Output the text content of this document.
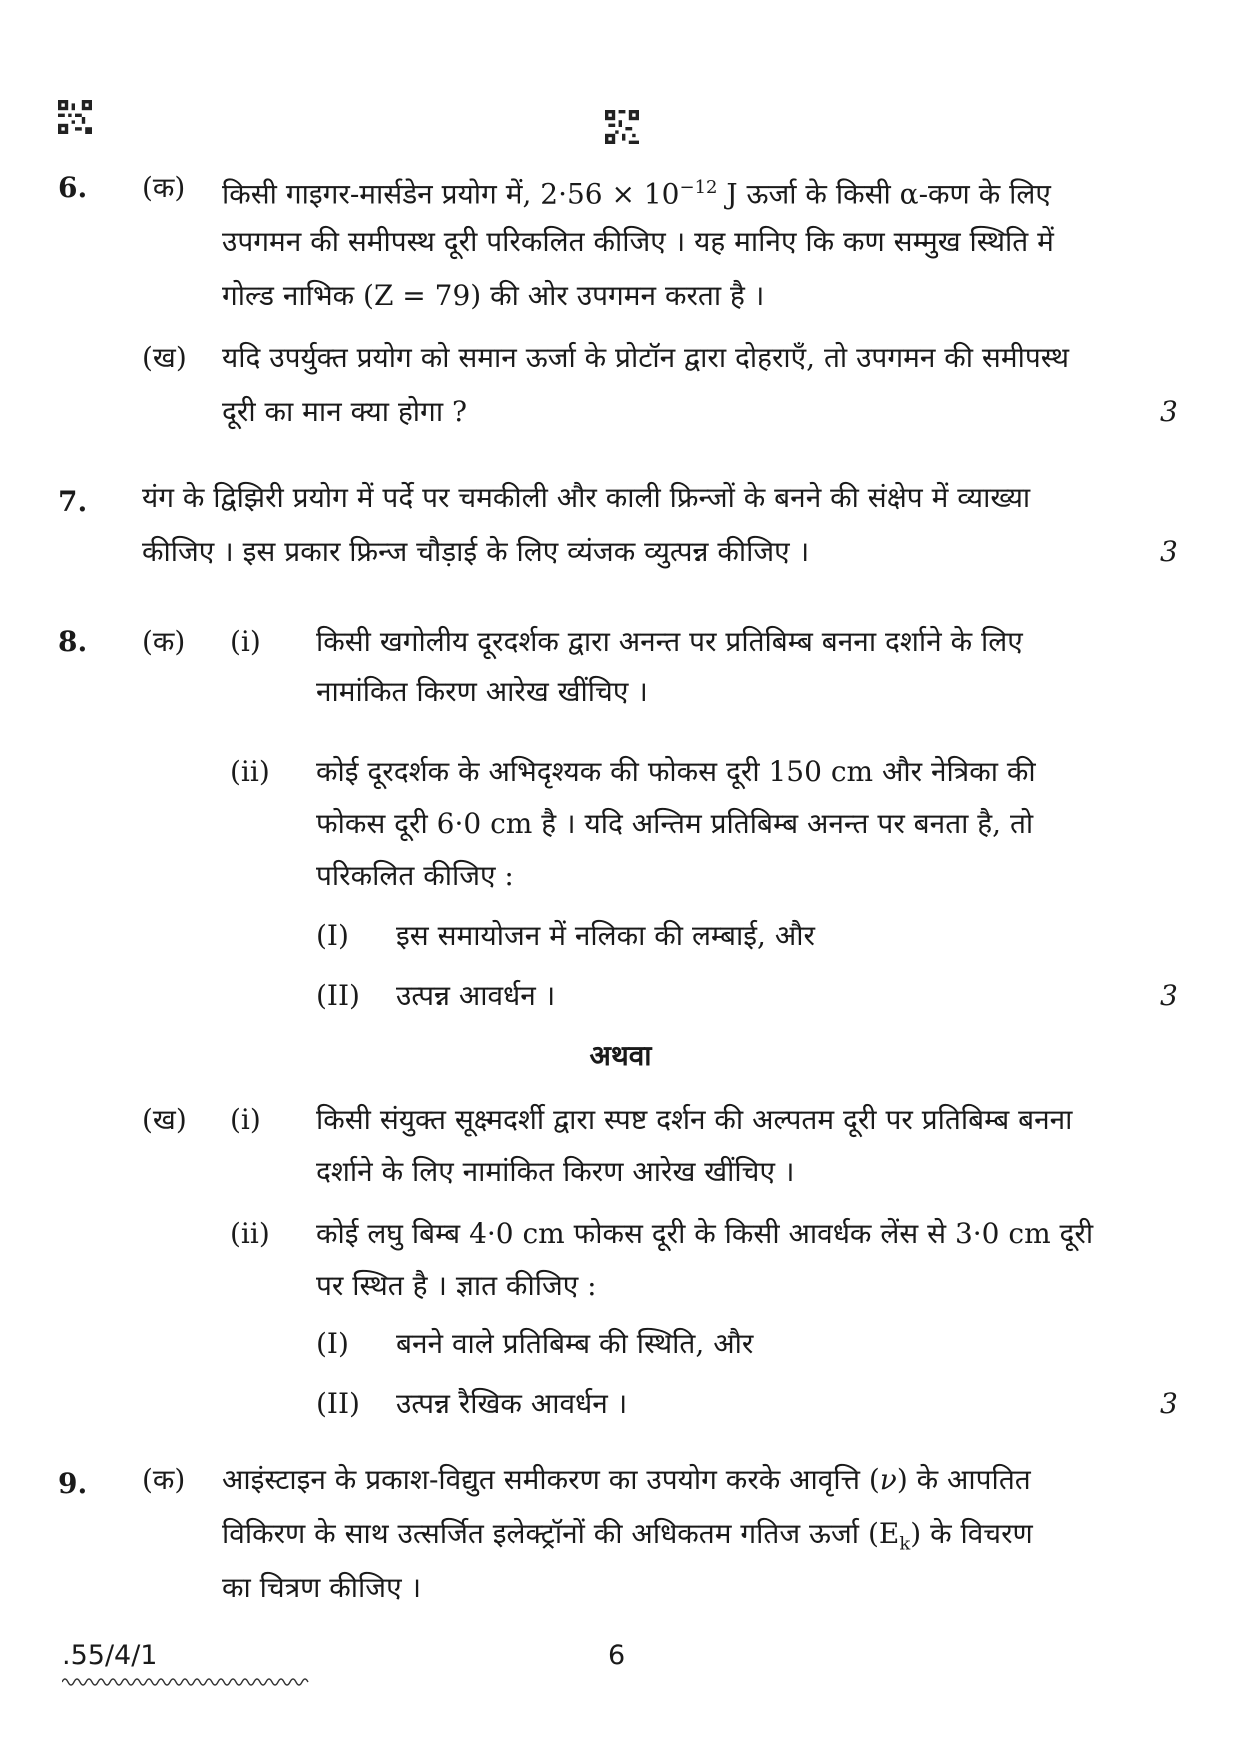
6. (क) किसी गाइगर-मार्सडेन प्रयोग में, $2\cdot 56 \times 10^{-12}$ J ऊर्जा के किसी α-कण के लिए
उपगमन की समीपस्थ दूरी परिकलित कीजिए । यह मानिए कि कण सम्मुख स्थिति में
गोल्ड नाभिक (Z = 79) की ओर उपगमन करता है ।
(ख) यदि उपर्युक्त प्रयोग को समान ऊर्जा के प्रोटॉन द्वारा दोहराएँ, तो उपगमन की समीपस्थ
दूरी का मान क्या होगा ?	3
7. यंग के द्विझिरी प्रयोग में पर्दे पर चमकीली और काली फ्रिन्जों के बनने की संक्षेप में व्याख्या
कीजिए । इस प्रकार फ्रिन्ज चौड़ाई के लिए व्यंजक व्युत्पन्न कीजिए ।	3
8. (क) (i) किसी खगोलीय दूरदर्शक द्वारा अनन्त पर प्रतिबिम्ब बनना दर्शाने के लिए
नामांकित किरण आरेख खींचिए ।
(ii) कोई दूरदर्शक के अभिदृश्यक की फोकस दूरी 150 cm और नेत्रिका की
फोकस दूरी 6·0 cm है । यदि अन्तिम प्रतिबिम्ब अनन्त पर बनता है, तो
परिकलित कीजिए :
(I) इस समायोजन में नलिका की लम्बाई, और
(II) उत्पन्न आवर्धन ।	3
अथवा
(ख) (i) किसी संयुक्त सूक्ष्मदर्शी द्वारा स्पष्ट दर्शन की अल्पतम दूरी पर प्रतिबिम्ब बनना
दर्शाने के लिए नामांकित किरण आरेख खींचिए ।
(ii) कोई लघु बिम्ब 4·0 cm फोकस दूरी के किसी आवर्धक लेंस से 3·0 cm दूरी
पर स्थित है । ज्ञात कीजिए :
(I) बनने वाले प्रतिबिम्ब की स्थिति, और
(II) उत्पन्न रैखिक आवर्धन ।	3
9. (क) आइंस्टाइन के प्रकाश-विद्युत समीकरण का उपयोग करके आवृत्ति (ν) के आपतित
विकिरण के साथ उत्सर्जित इलेक्ट्रॉनों की अधिकतम गतिज ऊर्जा $(E_k)$ के विचरण
का चित्रण कीजिए ।
.55/4/1	6
